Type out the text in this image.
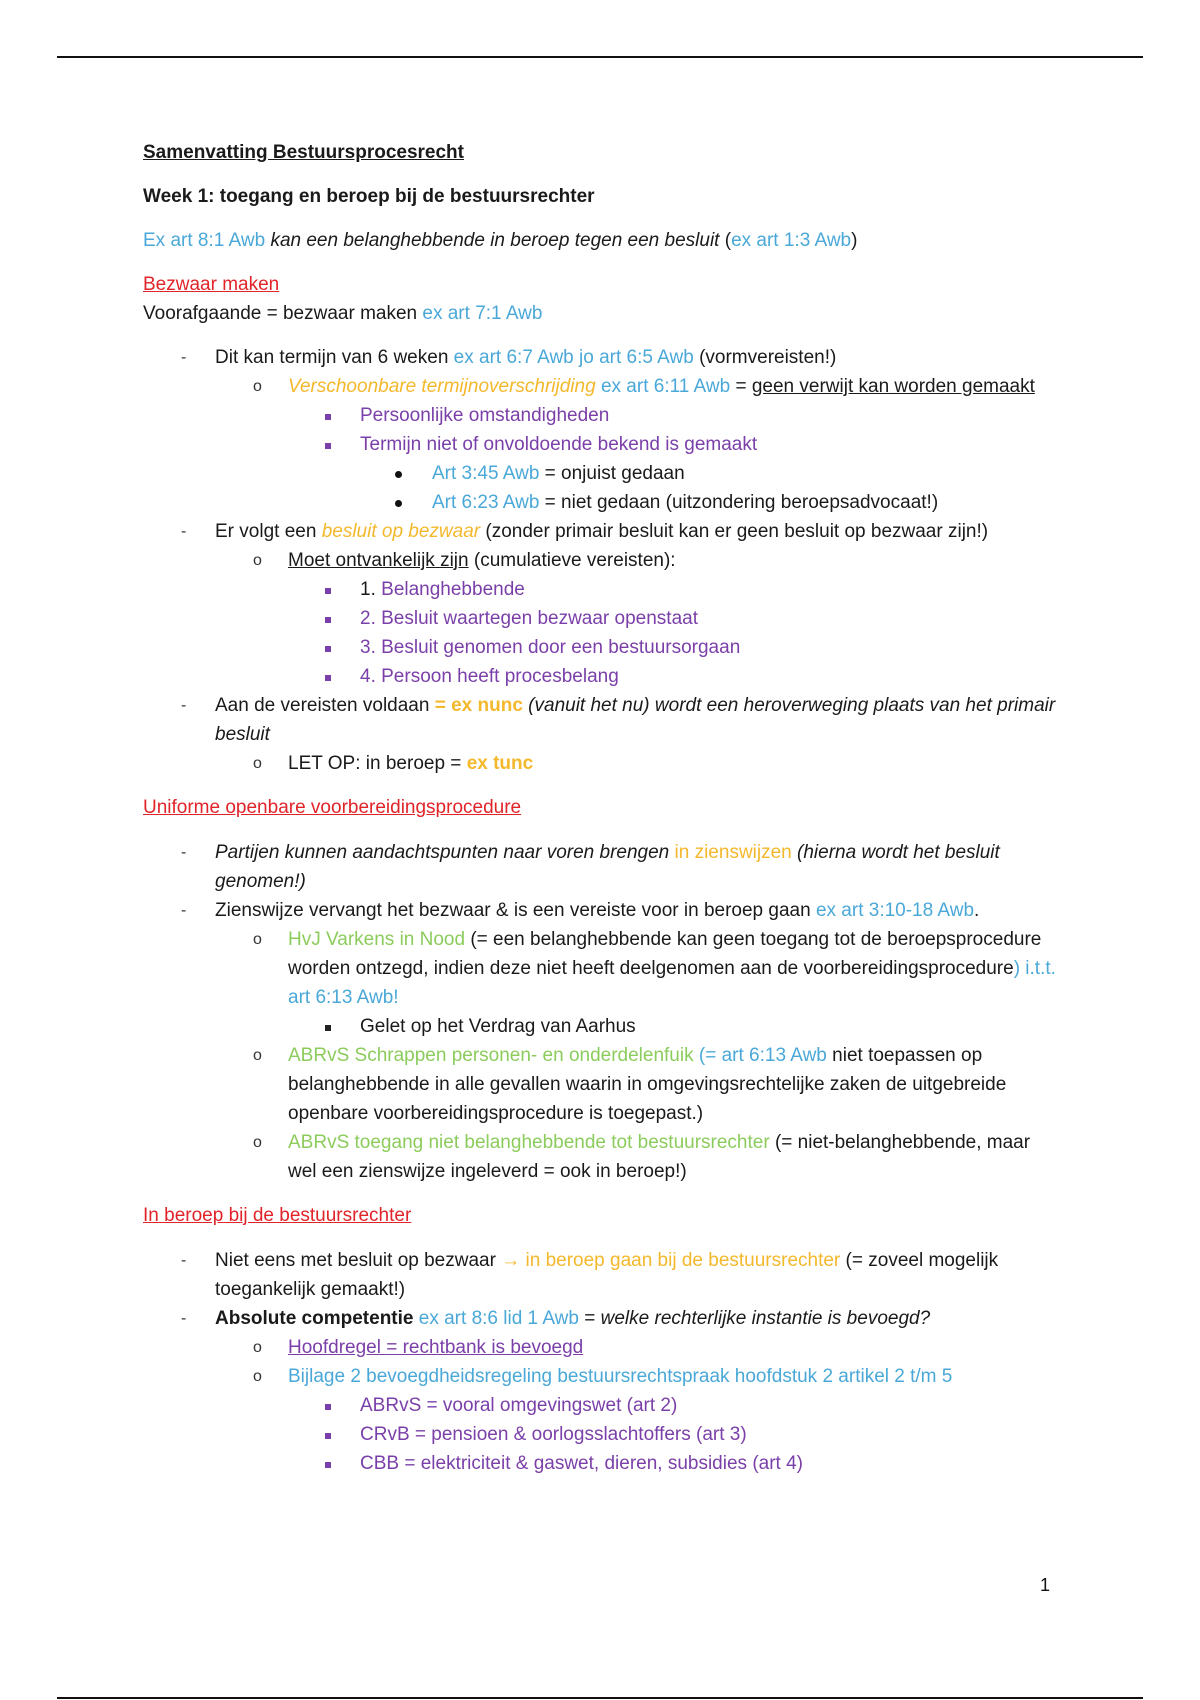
Samenvatting Bestuursprocesrecht

Week 1: toegang en beroep bij de bestuursrechter

Ex art 8:1 Awb kan een belanghebbende in beroep tegen een besluit (ex art 1:3 Awb)

Bezwaar maken

Voorafgaande = bezwaar maken ex art 7:1 Awb

- Dit kan termijn van 6 weken ex art 6:7 Awb jo art 6:5 Awb (vormvereisten!)
o Verschoonbare termijnoverschrijding ex art 6:11 Awb = geen verwijt kan worden gemaakt
Persoonlijke omstandigheden
Termijn niet of onvoldoende bekend is gemaakt
Art 3:45 Awb = onjuist gedaan
Art 6:23 Awb = niet gedaan (uitzondering beroepsadvocaat!)
- Er volgt een besluit op bezwaar (zonder primair besluit kan er geen besluit op bezwaar zijn!)
o Moet ontvankelijk zijn (cumulatieve vereisten):
1. Belanghebbende
2. Besluit waartegen bezwaar openstaat
3. Besluit genomen door een bestuursorgaan
4. Persoon heeft procesbelang
- Aan de vereisten voldaan = ex nunc (vanuit het nu) wordt een heroverweging plaats van het primair besluit
o LET OP: in beroep = ex tunc

Uniforme openbare voorbereidingsprocedure

- Partijen kunnen aandachtspunten naar voren brengen in zienswijzen (hierna wordt het besluit genomen!)
- Zienswijze vervangt het bezwaar & is een vereiste voor in beroep gaan ex art 3:10-18 Awb.
o HvJ Varkens in Nood (= een belanghebbende kan geen toegang tot de beroepsprocedure worden ontzegd, indien deze niet heeft deelgenomen aan de voorbereidingsprocedure) i.t.t. art 6:13 Awb!
Gelet op het Verdrag van Aarhus
o ABRvS Schrappen personen- en onderdelenfuik (= art 6:13 Awb niet toepassen op belanghebbende in alle gevallen waarin in omgevingsrechtelijke zaken de uitgebreide openbare voorbereidingsprocedure is toegepast.)
o ABRvS toegang niet belanghebbende tot bestuursrechter (= niet-belanghebbende, maar wel een zienswijze ingeleverd = ook in beroep!)

In beroep bij de bestuursrechter

- Niet eens met besluit op bezwaar → in beroep gaan bij de bestuursrechter (= zoveel mogelijk toegankelijk gemaakt!)
- Absolute competentie ex art 8:6 lid 1 Awb = welke rechterlijke instantie is bevoegd?
o Hoofdregel = rechtbank is bevoegd
o Bijlage 2 bevoegdheidsregeling bestuursrechtspraak hoofdstuk 2 artikel 2 t/m 5
ABRvS = vooral omgevingswet (art 2)
CRvB = pensioen & oorlogsslachtoffers (art 3)
CBB = elektriciteit & gaswet, dieren, subsidies (art 4)
1
